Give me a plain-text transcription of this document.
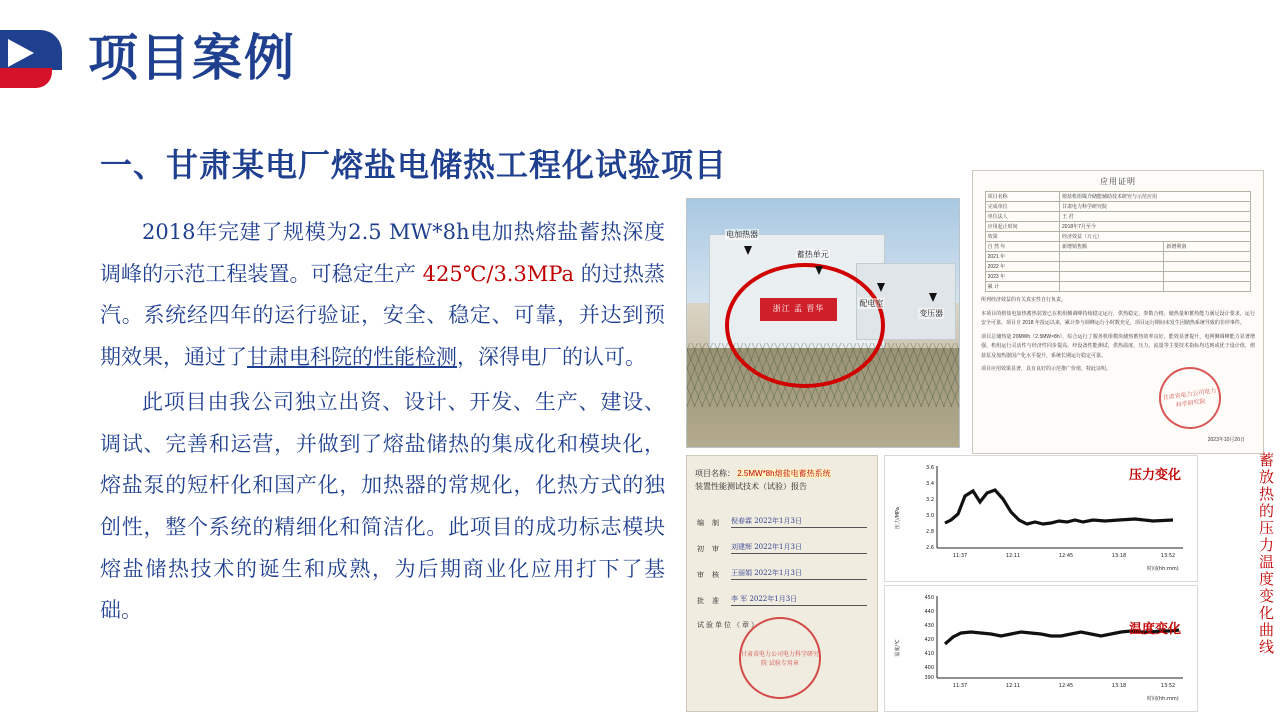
项目案例
一、甘肃某电厂熔盐电储热工程化试验项目

2018年完建了规模为2.5 MW*8h电加热熔盐蓄热深度调峰的示范工程装置。可稳定生产 425℃/3.3MPa 的过热蒸汽。系统经四年的运行验证，安全、稳定、可靠，并达到预期效果，通过了甘肃电科院的性能检测，深得电厂的认可。

此项目由我公司独立出资、设计、开发、生产、建设、调试、完善和运营，并做到了熔盐储热的集成化和模块化，熔盐泵的短杆化和国产化，加热器的常规化，化热方式的独创性，整个系统的精细化和简洁化。此项目的成功标志模块熔盐储热技术的诞生和成熟，为后期商业化应用打下了基础。

浙江 孟 晋华
电加热器
蓄热单元
配电室
变压器
应用证明
项目名称	熔盐机组媒介储能辅助技术研究与示范应用	
完成单位	甘肃电力科学研究院	
单位法人	王 君	
应用起止时间	2018年7月至今	
效果	经济效益（万元）	
自 然 年	新增销售额	新增利润
2021 年		
2022 年		
2023 年		
累 计		
所列经济效益的有关真实性自行负责。
本项目的熔盐电加热蓄热装置已在机组侧调峰持续稳定运行，供热稳定、参数合格，储热量和蓄热能力满足设计要求，运行安全可靠，项目自 2018 年投运以来，累计参与调峰运行小时数充足，项目运行期间未发生因储热系统导致的非停事件。
项目总储热量 20MWh（2.5MW×8h），综合运行了服务机组模块储热蓄热效率良好，能效显著提升，电网侧调峰能力显著增强，机组运行灵活性与经济性同步提高。经设备性能测试，供热温度、压力、流量等主要技术指标均达到或优于设计值，熔盐泵及加热器国产化水平提升，系统长期运行稳定可靠。
项目应用效果显著，具有良好的示范推广价值，特此证明。
甘肃省电力公司电力科学研究院
2023年10月20日
项目名称： 2.5MW*8h熔盐电蓄热系统
装置性能测试技术（试验）报告
编 制	倪春霖 2022年1月3日
初 审	刘建辉 2022年1月3日
审 核	王丽娟 2022年1月3日
批 准	李 军 2022年1月3日
试验单位（章）
甘肃省电力公司电力科学研究院 试验专用章
压力变化
3.6
3.4
3.2
3.0
2.8
2.6
11:37	12:11	12:45	13:18	13:52
时间(hh:mm)
压力/MPa
温度变化
450
440
430
420
410
400
390
11:37	12:11	12:45	13:18	13:52
时间(hh:mm)
温度/℃	蓄放热的压力温度变化曲线
